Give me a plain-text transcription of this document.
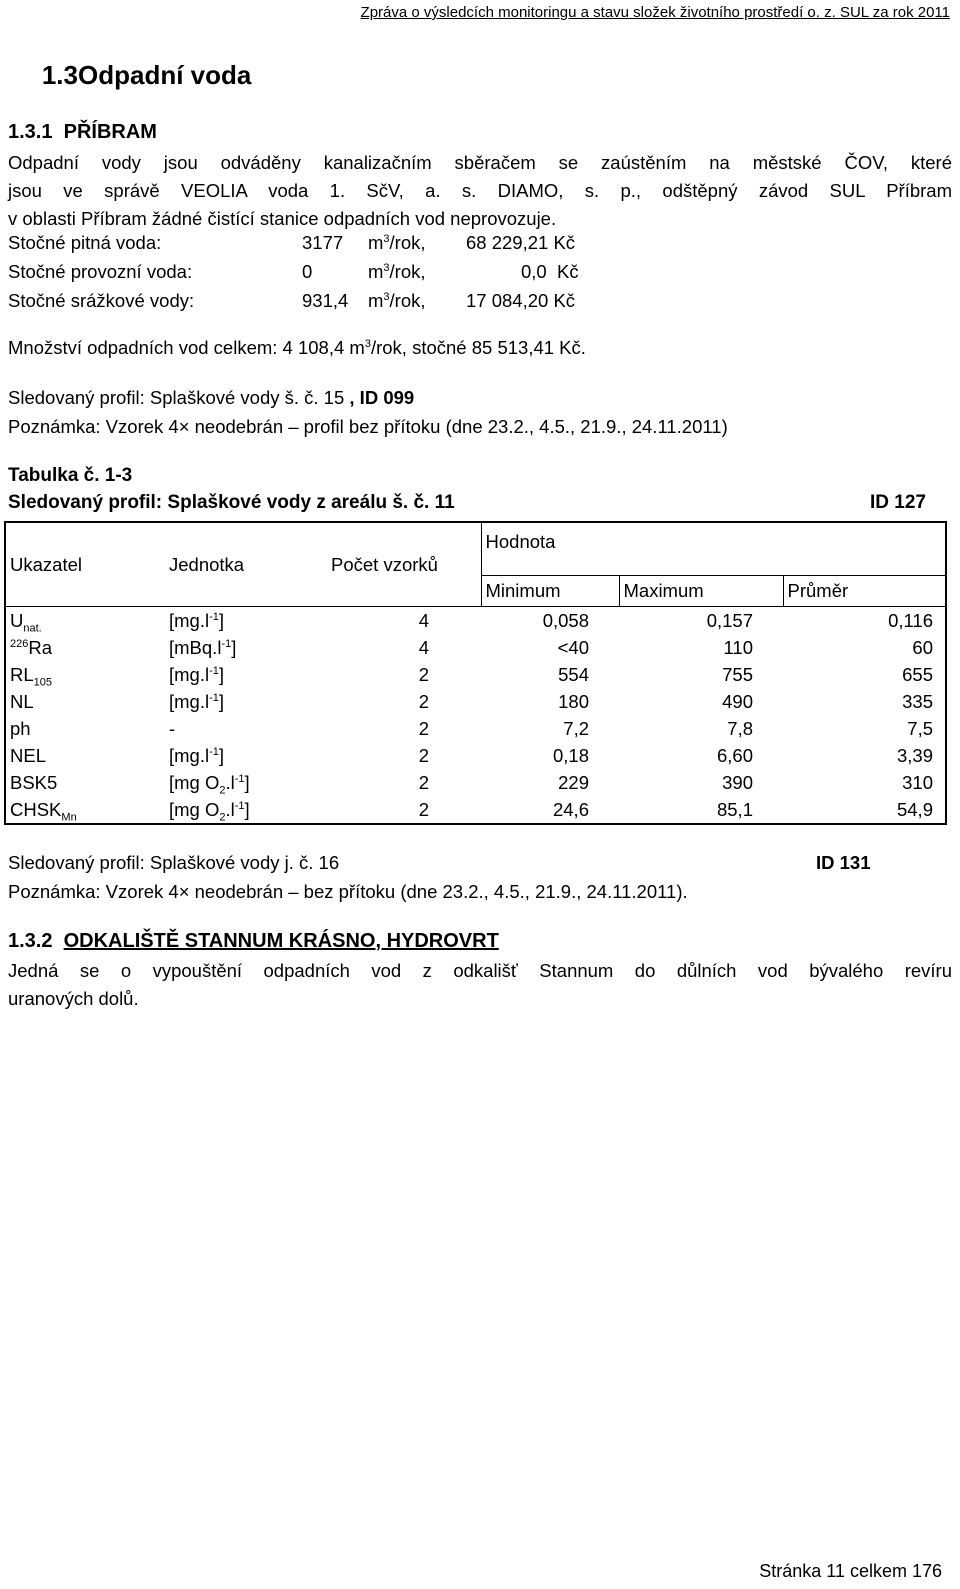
Zpráva o výsledcích monitoringu a stavu složek životního prostředí o. z. SUL za rok 2011
1.3Odpadní voda
1.3.1 PŘÍBRAM
Odpadní vody jsou odváděny kanalizačním sběračem se zaústěním na městské ČOV, které
jsou ve správě VEOLIA voda 1. SčV, a. s. DIAMO, s. p., odštěpný závod SUL Příbram
v oblasti Příbram žádné čistící stanice odpadních vod neprovozuje.
Stočné pitná voda:	3177 $m^3$/rok, 68 229,21 Kč
Stočné provozní voda:	0	$m^3$/rok,	0,0  Kč
Stočné srážkové vody:	931,4 $m^3$/rok, 17 084,20 Kč
Množství odpadních vod celkem: 4 108,4 $m^3$/rok, stočné 85 513,41 Kč.
Sledovaný profil: Splaškové vody š. č. 15 , ID 099
Poznámka: Vzorek 4× neodebrán – profil bez přítoku (dne 23.2., 4.5., 21.9., 24.11.2011)
Tabulka č. 1-3
Sledovaný profil: Splaškové vody z areálu š. č. 11	ID 127
Ukazatel	Jednotka	Počet vzorků	Hodnota		
			Minimum	Maximum	Průměr
$U_{nat.}$	$[mg.l^{-1}]$	4	0,058	0,157	0,116
$^{226}$Ra	$[mBq.l^{-1}]$	4	<40	110	60
$RL_{105}$	$[mg.l^{-1}]$	2	554	755	655
NL	$[mg.l^{-1}]$	2	180	490	335
ph	-	2	7,2	7,8	7,5
NEL	$[mg.l^{-1}]$	2	0,18	6,60	3,39
BSK5	[mg $O_2.l^{-1}$]	2	229	390	310
$CHSK_{Mn}$	[mg $O_2.l^{-1}$]	2	24,6	85,1	54,9
Sledovaný profil: Splaškové vody j. č. 16	ID 131
Poznámka: Vzorek 4× neodebrán – bez přítoku (dne 23.2., 4.5., 21.9., 24.11.2011).
1.3.2 ODKALIŠTĚ STANNUM KRÁSNO, HYDROVRT
Jedná se o vypouštění odpadních vod z odkališť Stannum do důlních vod bývalého revíru
uranových dolů.
Stránka 11 celkem 176
